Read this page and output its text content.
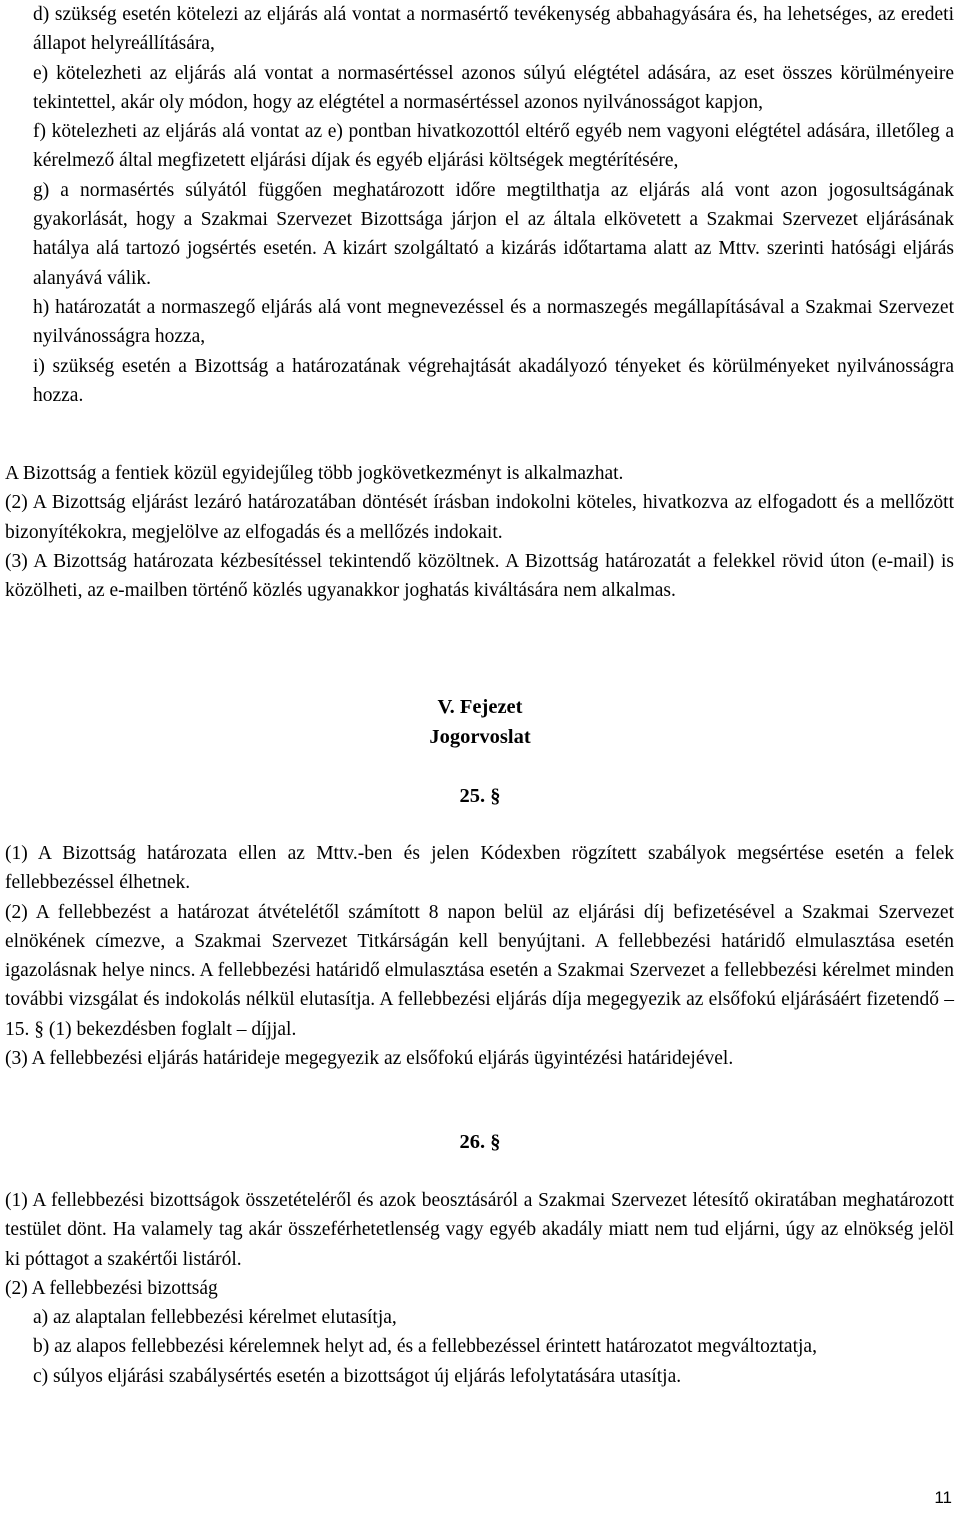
d) szükség esetén kötelezi az eljárás alá vontat a normasértő tevékenység abbahagyására és, ha lehetséges, az eredeti állapot helyreállítására,

e) kötelezheti az eljárás alá vontat a normasértéssel azonos súlyú elégtétel adására, az eset összes körülményeire tekintettel, akár oly módon, hogy az elégtétel a normasértéssel azonos nyilvánosságot kapjon,

f) kötelezheti az eljárás alá vontat az e) pontban hivatkozottól eltérő egyéb nem vagyoni elégtétel adására, illetőleg a kérelmező által megfizetett eljárási díjak és egyéb eljárási költségek megtérítésére,

g) a normasértés súlyától függően meghatározott időre megtilthatja az eljárás alá vont azon jogosultságának gyakorlását, hogy a Szakmai Szervezet Bizottsága járjon el az általa elkövetett a Szakmai Szervezet eljárásának hatálya alá tartozó jogsértés esetén. A kizárt szolgáltató a kizárás időtartama alatt az Mttv. szerinti hatósági eljárás alanyává válik.

h) határozatát a normaszegő eljárás alá vont megnevezéssel és a normaszegés megállapításával a Szakmai Szervezet nyilvánosságra hozza,

i) szükség esetén a Bizottság a határozatának végrehajtását akadályozó tényeket és körülményeket nyilvánosságra hozza.

A Bizottság a fentiek közül egyidejűleg több jogkövetkezményt is alkalmazhat.

(2) A Bizottság eljárást lezáró határozatában döntését írásban indokolni köteles, hivatkozva az elfogadott és a mellőzött bizonyítékokra, megjelölve az elfogadás és a mellőzés indokait.

(3) A Bizottság határozata kézbesítéssel tekintendő közöltnek. A Bizottság határozatát a felekkel rövid úton (e-mail) is közölheti, az e-mailben történő közlés ugyanakkor joghatás kiváltására nem alkalmas.

V. Fejezet
Jogorvoslat
25. §

(1) A Bizottság határozata ellen az Mttv.-ben és jelen Kódexben rögzített szabályok megsértése esetén a felek fellebbezéssel élhetnek.

(2) A fellebbezést a határozat átvételétől számított 8 napon belül az eljárási díj befizetésével a Szakmai Szervezet elnökének címezve, a Szakmai Szervezet Titkárságán kell benyújtani. A fellebbezési határidő elmulasztása esetén igazolásnak helye nincs. A fellebbezési határidő elmulasztása esetén a Szakmai Szervezet a fellebbezési kérelmet minden további vizsgálat és indokolás nélkül elutasítja. A fellebbezési eljárás díja megegyezik az elsőfokú eljárásáért fizetendő – 15. § (1) bekezdésben foglalt – díjjal.

(3) A fellebbezési eljárás határideje megegyezik az elsőfokú eljárás ügyintézési határidejével.

26. §

(1) A fellebbezési bizottságok összetételéről és azok beosztásáról a Szakmai Szervezet létesítő okiratában meghatározott testület dönt. Ha valamely tag akár összeférhetetlenség vagy egyéb akadály miatt nem tud eljárni, úgy az elnökség jelöl ki póttagot a szakértői listáról.

(2) A fellebbezési bizottság

a) az alaptalan fellebbezési kérelmet elutasítja,

b) az alapos fellebbezési kérelemnek helyt ad, és a fellebbezéssel érintett határozatot megváltoztatja,

c) súlyos eljárási szabálysértés esetén a bizottságot új eljárás lefolytatására utasítja.

11
